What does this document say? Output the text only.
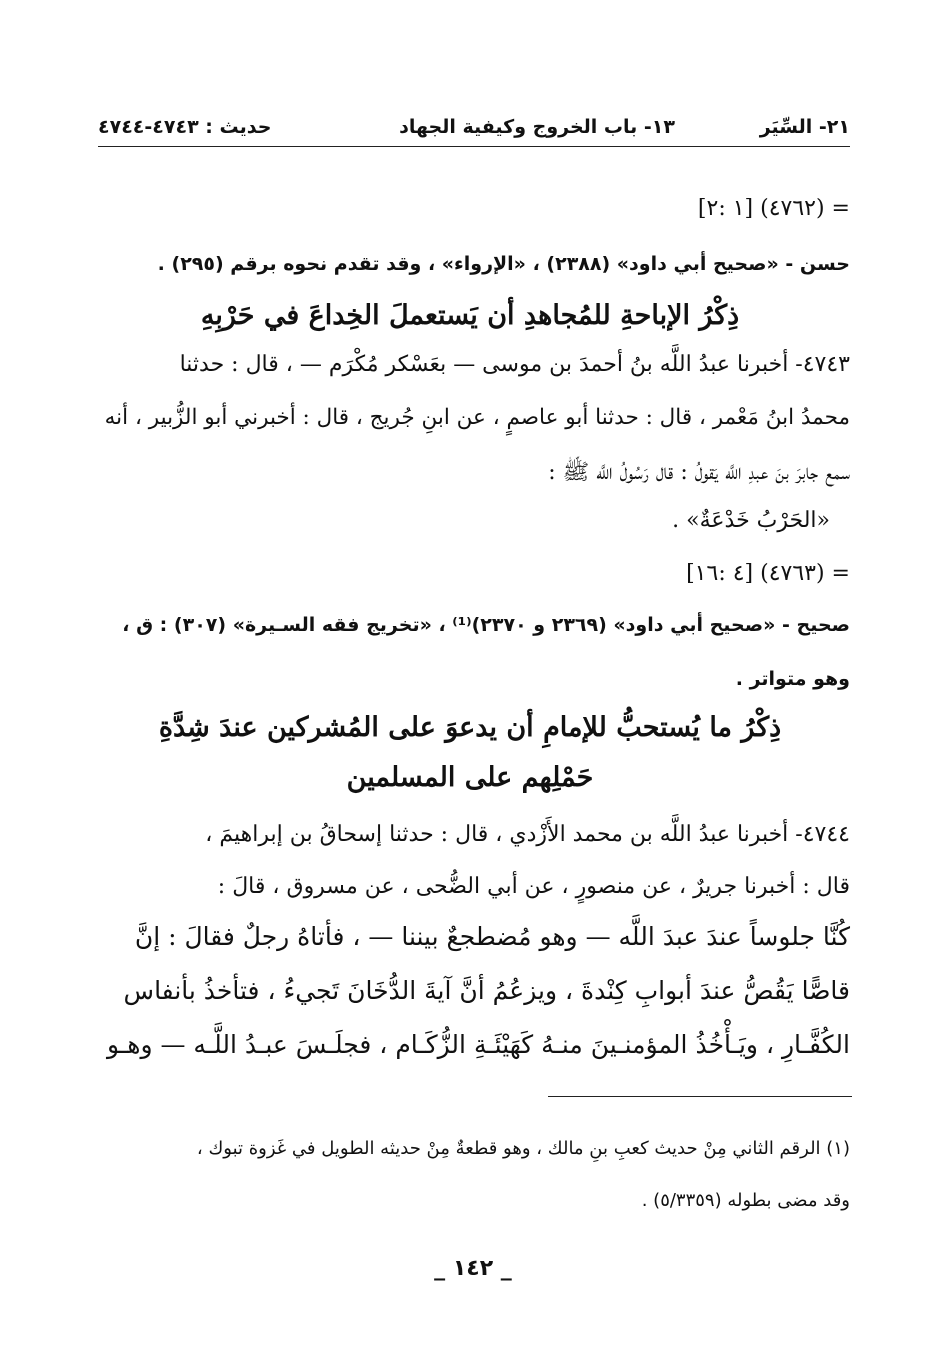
٢١- السِّيَر
١٣- باب الخروج وكيفية الجهاد
حديث : ٤٧٤٣-٤٧٤٤
= (٤٧٦٢) [١ :٢]
حسن - «صحيح أبي داود» (٢٣٨٨) ، «الإرواء» ، وقد تقدم نحوه برقم (٢٩٥) .
ذِكْرُ الإباحةِ للمُجاهدِ أن يَستعملَ الخِداعَ في حَرْبِهِ
٤٧٤٣- أخبرنا عبدُ اللَّه بنُ أحمدَ بن موسى — بعَسْكر مُكْرَم — ، قال : حدثنا
محمدُ ابنُ مَعْمر ، قال : حدثنا أبو عاصمٍ ، عن ابنِ جُريج ، قال : أخبرني أبو الزُّبير ، أنه
سمع جابرَ بنَ عبدِ اللَّه يَقولُ : قال رَسُولُ اللَّه ﷺ :
«الحَرْبُ خَدْعَةٌ» .
= (٤٧٦٣) [٤ :١٦]
صحيح - «صحيح أبي داود» (٢٣٦٩ و ٢٣٧٠)⁽¹⁾ ، «تخريج فقه السـيرة» (٣٠٧) : ق ،
وهو متواتر .
ذِكْرُ ما يُستحبُّ للإمامِ أن يدعوَ على المُشركين عندَ شِدَّةِ
حَمْلِهم على المسلمين
٤٧٤٤- أخبرنا عبدُ اللَّه بن محمد الأَزْدي ، قال : حدثنا إسحاقُ بن إبراهيمَ ،
قال : أخبرنا جريرٌ ، عن منصورٍ ، عن أبي الضُّحى ، عن مسروق ، قالَ :
كُنَّا جلوساً عندَ عبدَ اللَّه — وهو مُضطجعٌ بيننا — ، فأتاهُ رجلٌ فقالَ : إنَّ
قاصًّا يَقُصُّ عندَ أبوابِ كِنْدةَ ، ويزعُمُ أنَّ آيةَ الدُّخَانَ تَجيءُ ، فتأخذُ بأنفاس
الكُفَّـارِ ، ويَـأْخُذُ المؤمنـينَ منـهُ كَهَيْئَـةِ الزُّكَـام ، فجلَـسَ عبـدُ اللَّـه — وهـو
(١) الرقم الثاني مِنْ حديث كعبِ بنِ مالك ، وهو قطعةٌ مِنْ حديثه الطويل في غَزوة تبوك ،
وقد مضى بطوله (٥/٣٣٥٩) .
_ ١٤٢ _
